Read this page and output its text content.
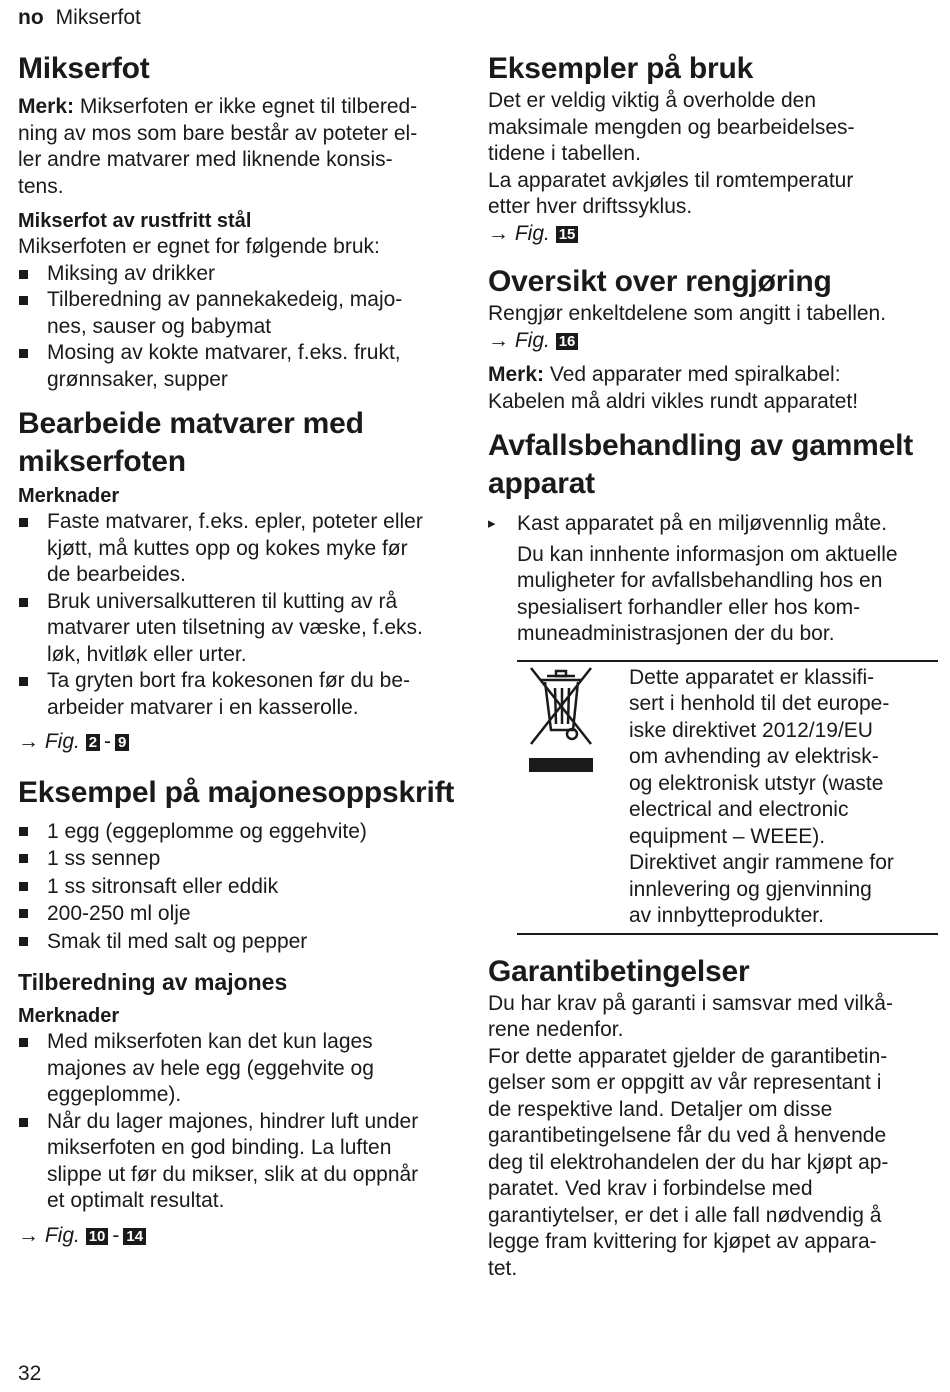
no Mikserfot
Mikserfot

Merk: Mikserfoten er ikke egnet til tilbered-
ning av mos som bare består av poteter el-
ler andre matvarer med liknende konsis-
tens.

Mikserfot av rustfritt stål

Mikserfoten er egnet for følgende bruk:

Miksing av drikker
Tilberedning av pannekakedeig, majo-
nes, sauser og babymat
Mosing av kokte matvarer, f.eks. frukt,
grønnsaker, supper
Bearbeide matvarer med
mikserfoten
Merknader
Faste matvarer, f.eks. epler, poteter eller
kjøtt, må kuttes opp og kokes myke før
de bearbeides.
Bruk universalkutteren til kutting av rå
matvarer uten tilsetning av væske, f.eks.
løk, hvitløk eller urter.
Ta gryten bort fra kokesonen før du be-
arbeider matvarer i en kasserolle.

→ Fig. 2 - 9

Eksempel på majonesoppskrift
1 egg (eggeplomme og eggehvite)
1 ss sennep
1 ss sitronsaft eller eddik
200-250 ml olje
Smak til med salt og pepper
Tilberedning av majones
Merknader
Med mikserfoten kan det kun lages
majones av hele egg (eggehvite og
eggeplomme).
Når du lager majones, hindrer luft under
mikserfoten en god binding. La luften
slippe ut før du mikser, slik at du oppnår
et optimalt resultat.

→ Fig. 10 - 14

Eksempler på bruk

Det er veldig viktig å overholde den
maksimale mengden og bearbeidelses-
tidene i tabellen.
La apparatet avkjøles til romtemperatur
etter hver driftssyklus.

→ Fig. 15

Oversikt over rengjøring

Rengjør enkeltdelene som angitt i tabellen.

→ Fig. 16

Merk: Ved apparater med spiralkabel:
Kabelen må aldri vikles rundt apparatet!

Avfallsbehandling av gammelt
apparat

▸ Kast apparatet på en miljøvennlig måte.

Du kan innhente informasjon om aktuelle
muligheter for avfallsbehandling hos en
spesialisert forhandler eller hos kom-
muneadministrasjonen der du bor.

Dette apparatet er klassifi-
sert i henhold til det europe-
iske direktivet 2012/19/EU
om avhending av elektrisk-
og elektronisk utstyr (waste
electrical and electronic
equipment – WEEE).
Direktivet angir rammene for
innlevering og gjenvinning
av innbytteprodukter.

Garantibetingelser

Du har krav på garanti i samsvar med vilkå-
rene nedenfor.
For dette apparatet gjelder de garantibetin-
gelser som er oppgitt av vår representant i
de respektive land. Detaljer om disse
garantibetingelsene får du ved å henvende
deg til elektrohandelen der du har kjøpt ap-
paratet. Ved krav i forbindelse med
garantiytelser, er det i alle fall nødvendig å
legge fram kvittering for kjøpet av appara-
tet.

32
